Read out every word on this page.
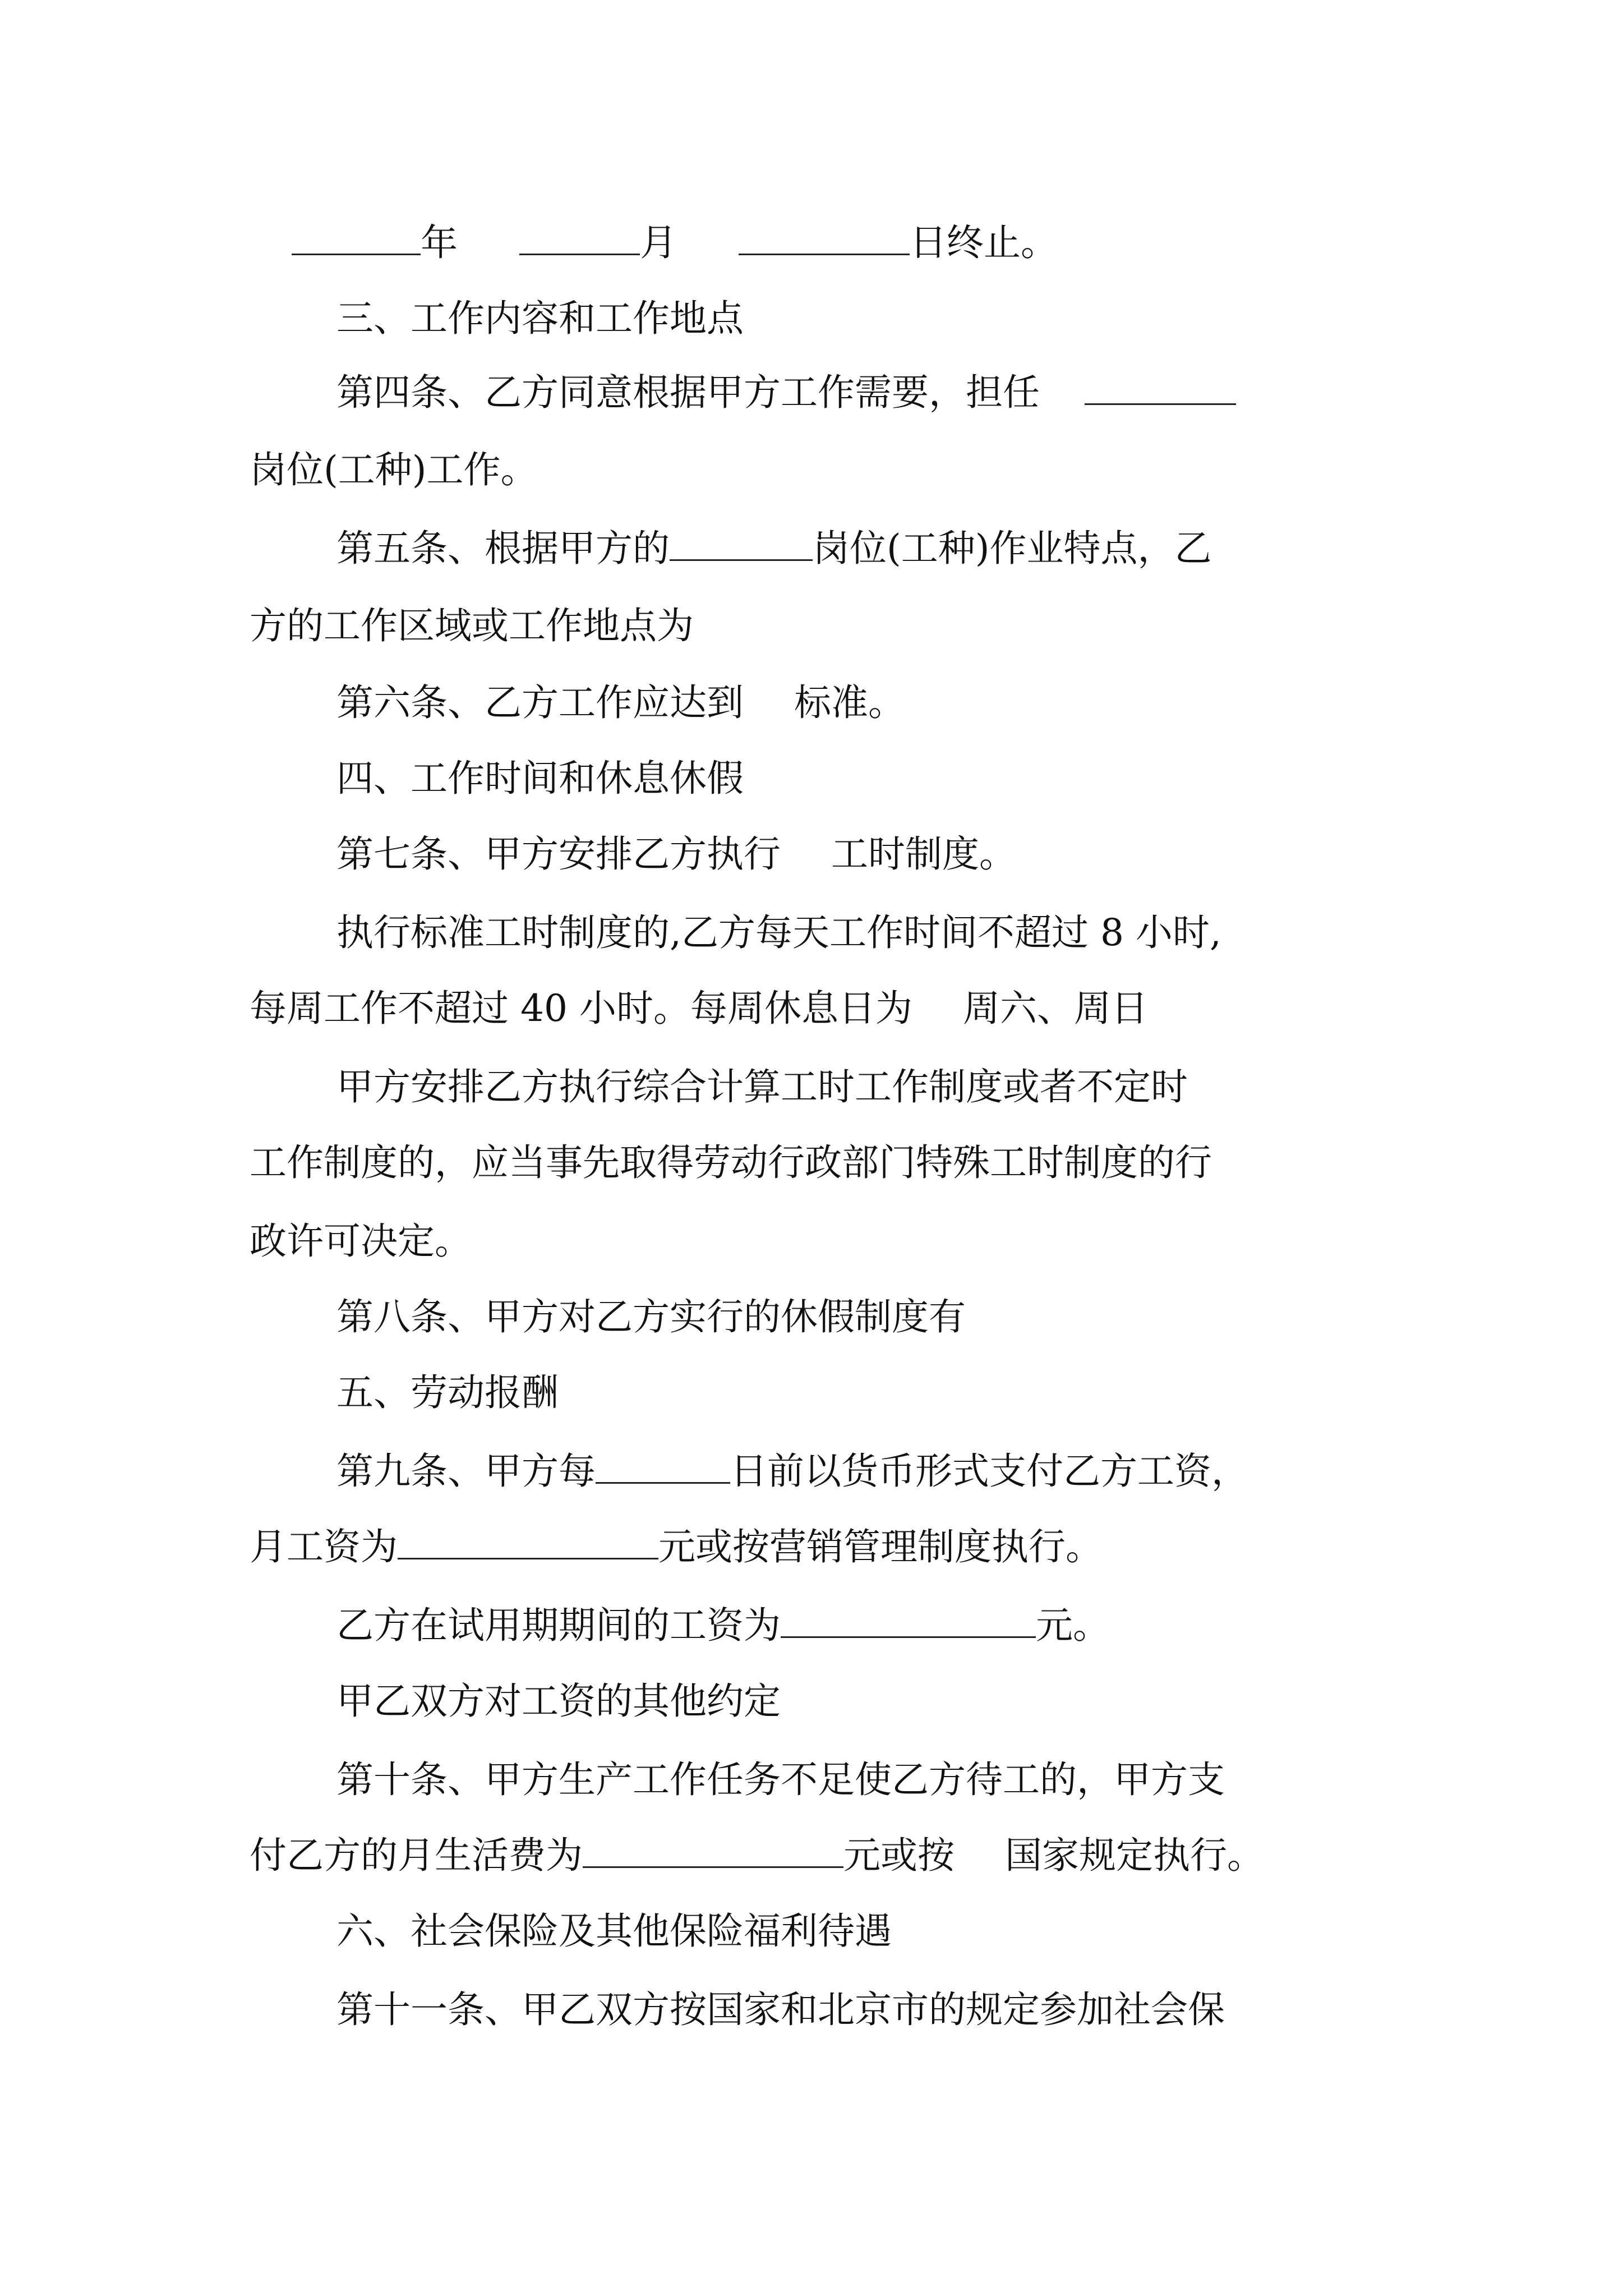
年	月	日终止。
三、工作内容和工作地点
第四条、乙方同意根据甲方工作需要，担任
岗位(工种)工作。
第五条、根据甲方的	岗位(工种)作业特点，乙
方的工作区域或工作地点为
第六条、乙方工作应达到 标准。
四、工作时间和休息休假
第七条、甲方安排乙方执行 工时制度。
执行标准工时制度的,乙方每天工作时间不超过 8 小时,
每周工作不超过 40 小时。每周休息日为 周六、周日
甲方安排乙方执行综合计算工时工作制度或者不定时
工作制度的，应当事先取得劳动行政部门特殊工时制度的行
政许可决定。
第八条、甲方对乙方实行的休假制度有
五、劳动报酬
第九条、甲方每	日前以货币形式支付乙方工资，
月工资为	元或按营销管理制度执行。
乙方在试用期期间的工资为	元。
甲乙双方对工资的其他约定
第十条、甲方生产工作任务不足使乙方待工的，甲方支
付乙方的月生活费为	元或按 国家规定执行。
六、社会保险及其他保险福利待遇
第十一条、甲乙双方按国家和北京市的规定参加社会保
